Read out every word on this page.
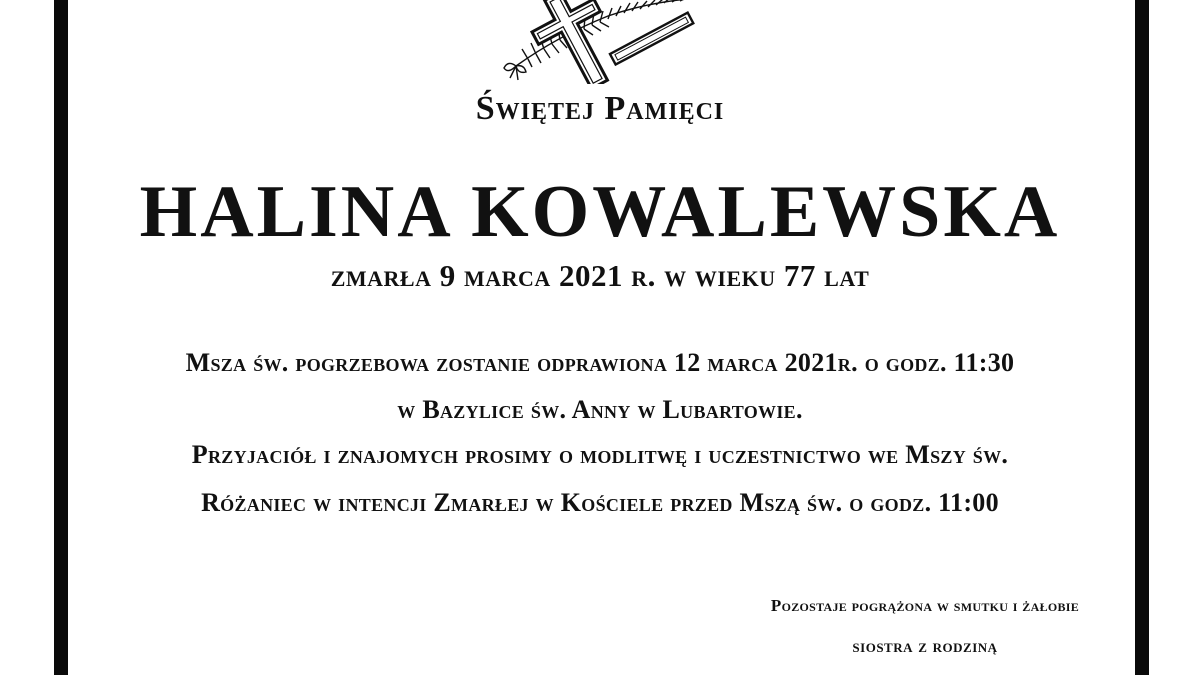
Świętej Pamięci
HALINA KOWALEWSKA
zmarła 9 marca 2021 r. w wieku 77 lat
Msza św. pogrzebowa zostanie odprawiona 12 marca 2021r. o godz. 11:30
w Bazylice św. Anny w Lubartowie.
Przyjaciół i znajomych prosimy o modlitwę i uczestnictwo we Mszy św.
Różaniec w intencji Zmarłej w Kościele przed Mszą św. o godz. 11:00
Pozostaje pogrążona w smutku i żałobie
siostra z rodziną
